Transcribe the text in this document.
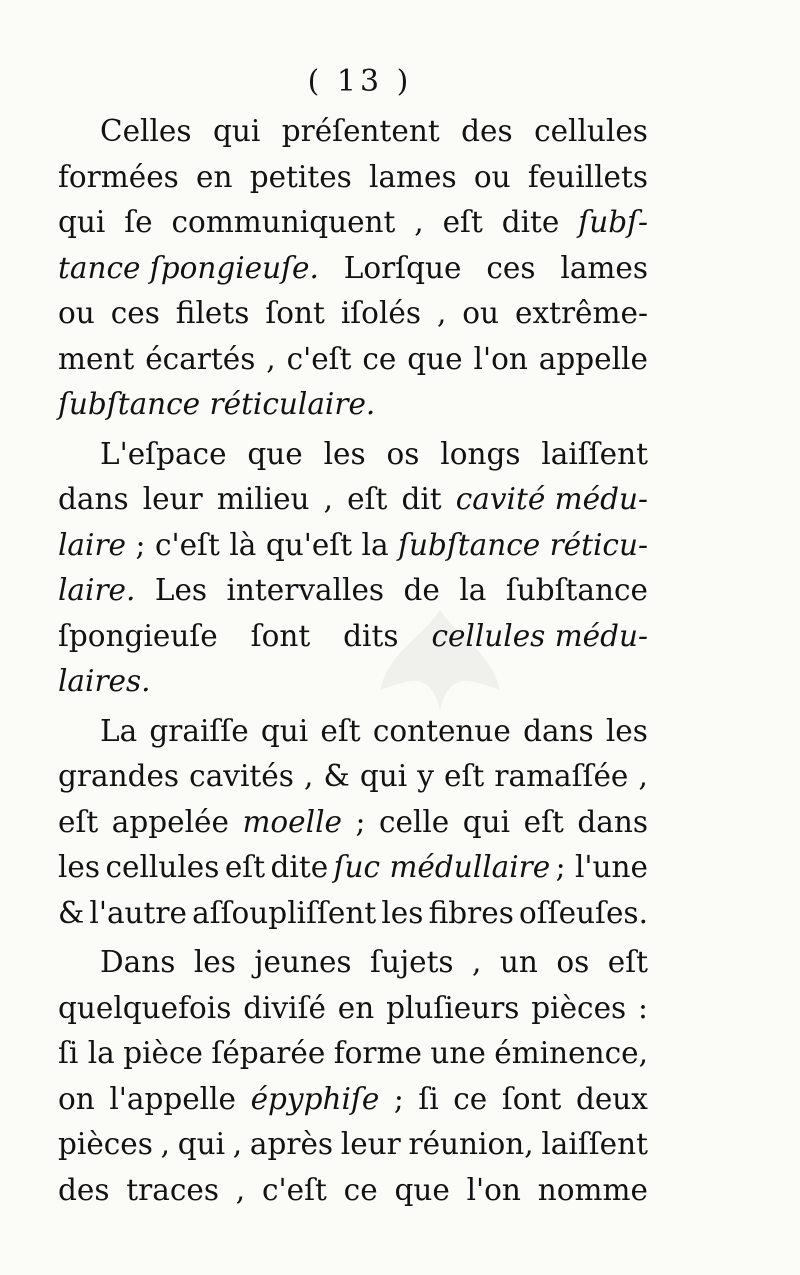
( 13 )
Celles qui préſentent des cellules
formées en petites lames ou feuillets
qui ſe communiquent , eſt dite ſubſ-
tance ſpongieuſe. Lorſque ces lames
ou ces filets ſont iſolés , ou extrême-
ment écartés , c'eſt ce que l'on appelle
ſubſtance réticulaire.
L'eſpace que les os longs laiſſent
dans leur milieu , eſt dit cavité médu-
laire ; c'eſt là qu'eſt la ſubſtance réticu-
laire. Les intervalles de la ſubſtance
ſpongieuſe ſont dits cellules médu-
laires.
La graiſſe qui eſt contenue dans les
grandes cavités , & qui y eſt ramaſſée ,
eſt appelée moelle ; celle qui eſt dans
les cellules eſt dite ſuc médullaire ; l'une
& l'autre aſſoupliſſent les fibres oſſeuſes.
Dans les jeunes ſujets , un os eſt
quelquefois diviſé en pluſieurs pièces :
ſi la pièce ſéparée forme une éminence,
on l'appelle épyphiſe ; ſi ce ſont deux
pièces , qui , après leur réunion, laiſſent
des traces , c'eſt ce que l'on nomme
